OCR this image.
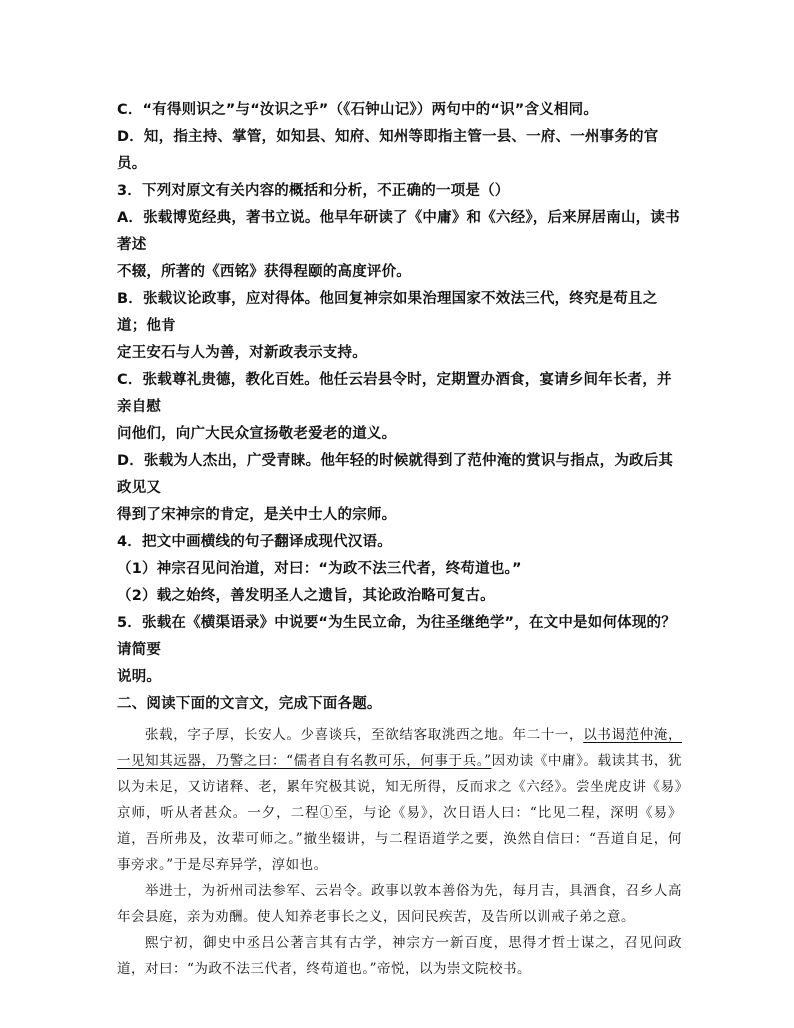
C．“有得则识之”与“汝识之乎”（《石钟山记》）两句中的“识”含义相同。

D．知，指主持、掌管，如知县、知府、知州等即指主管一县、一府、一州事务的官员。

3．下列对原文有关内容的概括和分析，不正确的一项是（）

A．张载博览经典，著书立说。他早年研读了《中庸》和《六经》，后来屏居南山，读书著述

不辍，所著的《西铭》获得程颐的高度评价。

B．张载议论政事，应对得体。他回复神宗如果治理国家不效法三代，终究是苟且之道；他肯

定王安石与人为善，对新政表示支持。

C．张载尊礼贵德，教化百姓。他任云岩县令时，定期置办酒食，宴请乡间年长者，并亲自慰

问他们，向广大民众宣扬敬老爱老的道义。

D．张载为人杰出，广受青睐。他年轻的时候就得到了范仲淹的赏识与指点，为政后其政见又

得到了宋神宗的肯定，是关中士人的宗师。

4．把文中画横线的句子翻译成现代汉语。

（1）神宗召见问治道，对曰：“为政不法三代者，终苟道也。”

（2）载之始终，善发明圣人之遗旨，其论政治略可复古。

5．张载在《横渠语录》中说要“为生民立命，为往圣继绝学”，在文中是如何体现的？请简要

说明。

二、阅读下面的文言文，完成下面各题。

张载，字子厚，长安人。少喜谈兵，至欲结客取洮西之地。年二十一，以书谒范仲淹，一见知其远器，乃警之曰：“儒者自有名教可乐，何事于兵。”因劝读《中庸》。载读其书，犹以为未足，又访诸释、老，累年究极其说，知无所得，反而求之《六经》。尝坐虎皮讲《易》京师，听从者甚众。一夕，二程①至，与论《易》，次日语人曰：“比见二程，深明《易》道，吾所弗及，汝辈可师之。”撤坐辍讲，与二程语道学之要，涣然自信曰：“吾道自足，何事旁求。”于是尽弃异学，淳如也。

举进士，为祈州司法参军、云岩令。政事以敦本善俗为先，每月吉，具酒食，召乡人高年会县庭，亲为劝酬。使人知养老事长之义，因问民疾苦，及告所以训戒子弟之意。

熙宁初，御史中丞吕公著言其有古学，神宗方一新百度，思得才哲士谋之，召见问政道，对曰：“为政不法三代者，终苟道也。”帝悦，以为崇文院校书。
